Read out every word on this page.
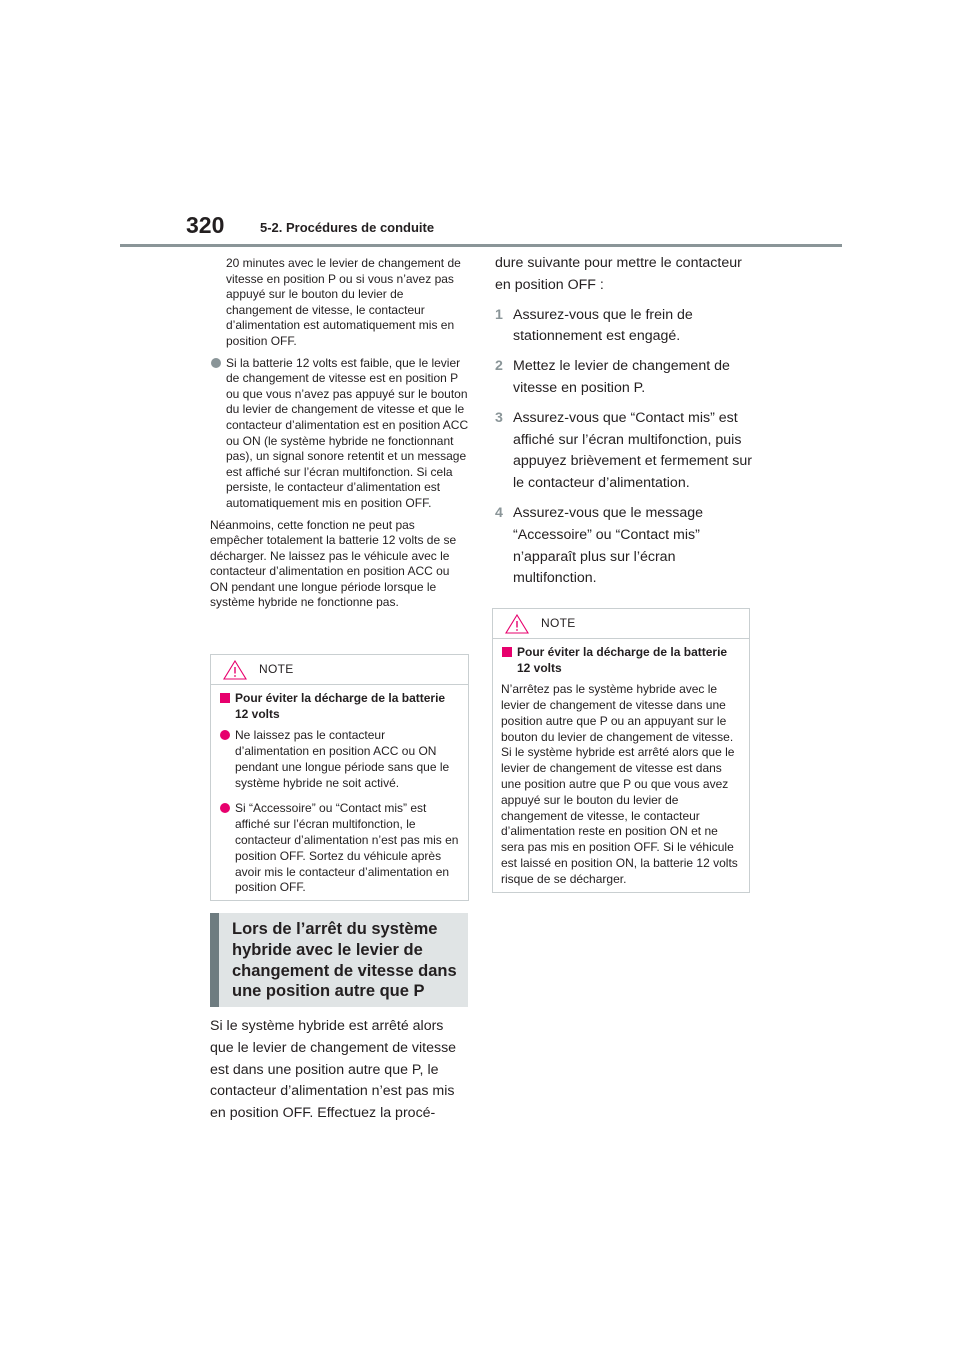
320	5-2. Procédures de conduite

20 minutes avec le levier de changement de vitesse en position P ou si vous n’avez pas appuyé sur le bouton du levier de changement de vitesse, le contacteur d’alimentation est automatiquement mis en position OFF.

Si la batterie 12 volts est faible, que le levier de changement de vitesse est en position P ou que vous n’avez pas appuyé sur le bouton du levier de changement de vitesse et que le contacteur d’alimentation est en position ACC ou ON (le système hybride ne fonctionnant pas), un signal sonore retentit et un message est affiché sur l’écran multifonction. Si cela persiste, le contacteur d’alimentation est automatiquement mis en position OFF.

Néanmoins, cette fonction ne peut pas empêcher totalement la batterie 12 volts de se décharger. Ne laissez pas le véhicule avec le contacteur d’alimentation en position ACC ou ON pendant une longue période lorsque le système hybride ne fonctionne pas.

NOTE
Pour éviter la décharge de la batterie 12 volts
Ne laissez pas le contacteur d’alimentation en position ACC ou ON pendant une longue période sans que le système hybride ne soit activé.
Si “Accessoire” ou “Contact mis” est affiché sur l’écran multifonction, le contacteur d’alimentation n’est pas mis en position OFF. Sortez du véhicule après avoir mis le contacteur d’alimentation en position OFF.
Lors de l’arrêt du système hybride avec le levier de changement de vitesse dans une position autre que P

Si le système hybride est arrêté alors que le levier de changement de vitesse est dans une position autre que P, le contacteur d’alimentation n’est pas mis en position OFF. Effectuez la procé-

dure suivante pour mettre le contacteur en position OFF :

1 Assurez-vous que le frein de stationnement est engagé.
2 Mettez le levier de changement de vitesse en position P.
3 Assurez-vous que “Contact mis” est affiché sur l’écran multifonction, puis appuyez brièvement et fermement sur le contacteur d’alimentation.
4 Assurez-vous que le message “Accessoire” ou “Contact mis” n’apparaît plus sur l’écran multifonction.
NOTE
Pour éviter la décharge de la batterie 12 volts

N’arrêtez pas le système hybride avec le levier de changement de vitesse dans une position autre que P ou an appuyant sur le bouton du levier de changement de vitesse. Si le système hybride est arrêté alors que le levier de changement de vitesse est dans une position autre que P ou que vous avez appuyé sur le bouton du levier de changement de vitesse, le contacteur d’alimentation reste en position ON et ne sera pas mis en position OFF. Si le véhicule est laissé en position ON, la batterie 12 volts risque de se décharger.
